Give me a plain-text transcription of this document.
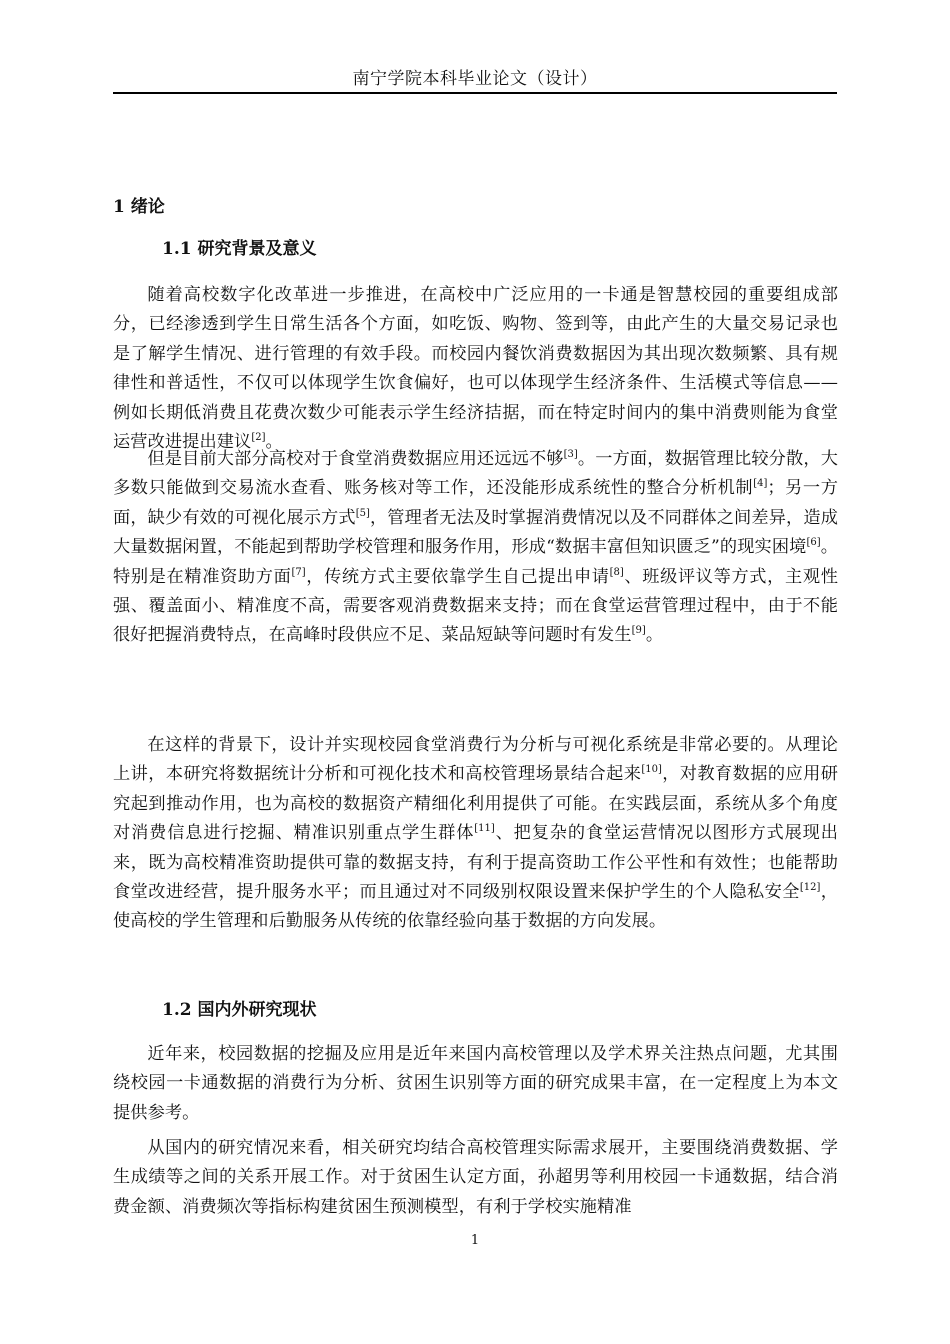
南宁学院本科毕业论文（设计）
1 绪论
1.1 研究背景及意义

随着高校数字化改革进一步推进，在高校中广泛应用的一卡通是智慧校园的重要组成部分，已经渗透到学生日常生活各个方面，如吃饭、购物、签到等，由此产生的大量交易记录也是了解学生情况、进行管理的有效手段。而校园内餐饮消费数据因为其出现次数频繁、具有规律性和普适性，不仅可以体现学生饮食偏好，也可以体现学生经济条件、生活模式等信息——例如长期低消费且花费次数少可能表示学生经济拮据，而在特定时间内的集中消费则能为食堂运营改进提出建议[2]。

但是目前大部分高校对于食堂消费数据应用还远远不够[3]。一方面，数据管理比较分散，大多数只能做到交易流水查看、账务核对等工作，还没能形成系统性的整合分析机制[4]；另一方面，缺少有效的可视化展示方式[5]，管理者无法及时掌握消费情况以及不同群体之间差异，造成大量数据闲置，不能起到帮助学校管理和服务作用，形成“数据丰富但知识匮乏”的现实困境[6]。特别是在精准资助方面[7]，传统方式主要依靠学生自己提出申请[8]、班级评议等方式，主观性强、覆盖面小、精准度不高，需要客观消费数据来支持；而在食堂运营管理过程中，由于不能很好把握消费特点，在高峰时段供应不足、菜品短缺等问题时有发生[9]。

在这样的背景下，设计并实现校园食堂消费行为分析与可视化系统是非常必要的。从理论上讲，本研究将数据统计分析和可视化技术和高校管理场景结合起来[10]，对教育数据的应用研究起到推动作用，也为高校的数据资产精细化利用提供了可能。在实践层面，系统从多个角度对消费信息进行挖掘、精准识别重点学生群体[11]、把复杂的食堂运营情况以图形方式展现出来，既为高校精准资助提供可靠的数据支持，有利于提高资助工作公平性和有效性；也能帮助食堂改进经营，提升服务水平；而且通过对不同级别权限设置来保护学生的个人隐私安全[12]，使高校的学生管理和后勤服务从传统的依靠经验向基于数据的方向发展。

1.2 国内外研究现状

近年来，校园数据的挖掘及应用是近年来国内高校管理以及学术界关注热点问题，尤其围绕校园一卡通数据的消费行为分析、贫困生识别等方面的研究成果丰富，在一定程度上为本文提供参考。

从国内的研究情况来看，相关研究均结合高校管理实际需求展开，主要围绕消费数据、学生成绩等之间的关系开展工作。对于贫困生认定方面，孙超男等利用校园一卡通数据，结合消费金额、消费频次等指标构建贫困生预测模型，有利于学校实施精准

1
